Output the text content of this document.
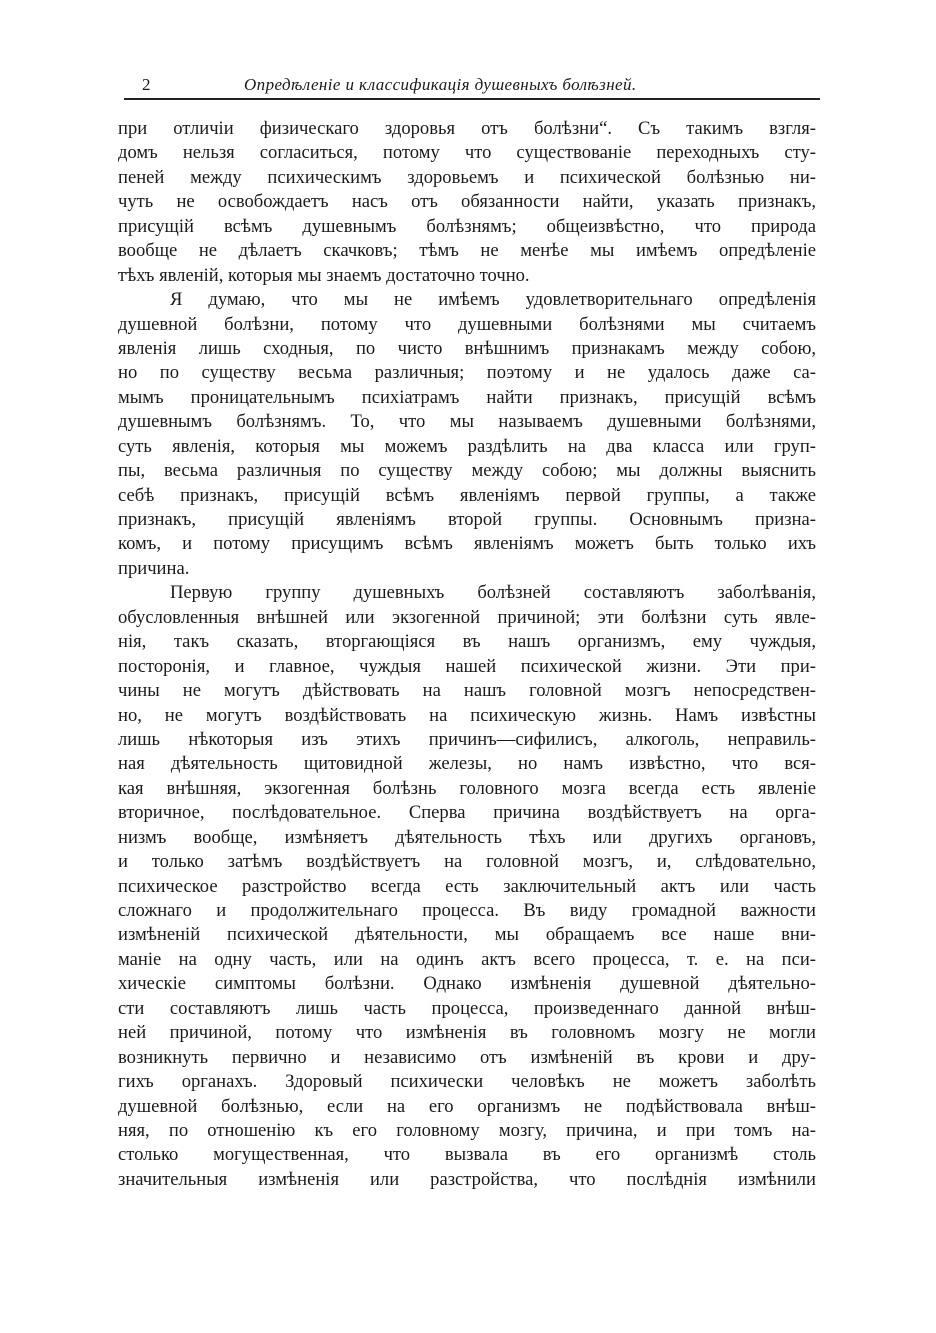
2	Опредѣленіе и классификація душевныхъ болѣзней.
при отличіи физическаго здоровья отъ болѣзни“. Съ такимъ взгля-
домъ нельзя согласиться, потому что существованіе переходныхъ сту-
пеней между психическимъ здоровьемъ и психической болѣзнью ни-
чуть не освобождаетъ насъ отъ обязанности найти, указать признакъ,
присущій всѣмъ душевнымъ болѣзнямъ; общеизвѣстно, что природа
вообще не дѣлаетъ скачковъ; тѣмъ не менѣе мы имѣемъ опредѣленіе
тѣхъ явленій, которыя мы знаемъ достаточно точно.
Я думаю, что мы не имѣемъ удовлетворительнаго опредѣленія
душевной болѣзни, потому что душевными болѣзнями мы считаемъ
явленія лишь сходныя, по чисто внѣшнимъ признакамъ между собою,
но по существу весьма различныя; поэтому и не удалось даже са-
мымъ проницательнымъ психіатрамъ найти признакъ, присущій всѣмъ
душевнымъ болѣзнямъ. То, что мы называемъ душевными болѣзнями,
суть явленія, которыя мы можемъ раздѣлить на два класса или груп-
пы, весьма различныя по существу между собою; мы должны выяснить
себѣ признакъ, присущій всѣмъ явленіямъ первой группы, а также
признакъ, присущій явленіямъ второй группы. Основнымъ призна-
комъ, и потому присущимъ всѣмъ явленіямъ можетъ быть только ихъ
причина.
Первую группу душевныхъ болѣзней составляютъ заболѣванія,
обусловленныя внѣшней или экзогенной причиной; эти болѣзни суть явле-
нія, такъ сказать, вторгающіяся въ нашъ организмъ, ему чуждыя,
посторонія, и главное, чуждыя нашей психической жизни. Эти при-
чины не могутъ дѣйствовать на нашъ головной мозгъ непосредствен-
но, не могутъ воздѣйствовать на психическую жизнь. Намъ извѣстны
лишь нѣкоторыя изъ этихъ причинъ—сифилисъ, алкоголь, неправиль-
ная дѣятельность щитовидной железы, но намъ извѣстно, что вся-
кая внѣшняя, экзогенная болѣзнь головного мозга всегда есть явленіе
вторичное, послѣдовательное. Сперва причина воздѣйствуетъ на орга-
низмъ вообще, измѣняетъ дѣятельность тѣхъ или другихъ органовъ,
и только затѣмъ воздѣйствуетъ на головной мозгъ, и, слѣдовательно,
психическое разстройство всегда есть заключительный актъ или часть
сложнаго и продолжительнаго процесса. Въ виду громадной важности
измѣненій психической дѣятельности, мы обращаемъ все наше вни-
маніе на одну часть, или на одинъ актъ всего процесса, т. е. на пси-
хическіе симптомы болѣзни. Однако измѣненія душевной дѣятельно-
сти составляютъ лишь часть процесса, произведеннаго данной внѣш-
ней причиной, потому что измѣненія въ головномъ мозгу не могли
возникнуть первично и независимо отъ измѣненій въ крови и дру-
гихъ органахъ. Здоровый психически человѣкъ не можетъ заболѣть
душевной болѣзнью, если на его организмъ не подѣйствовала внѣш-
няя, по отношенію къ его головному мозгу, причина, и при томъ на-
столько могущественная, что вызвала въ его организмѣ столь
значительныя измѣненія или разстройства, что послѣднія измѣнили
